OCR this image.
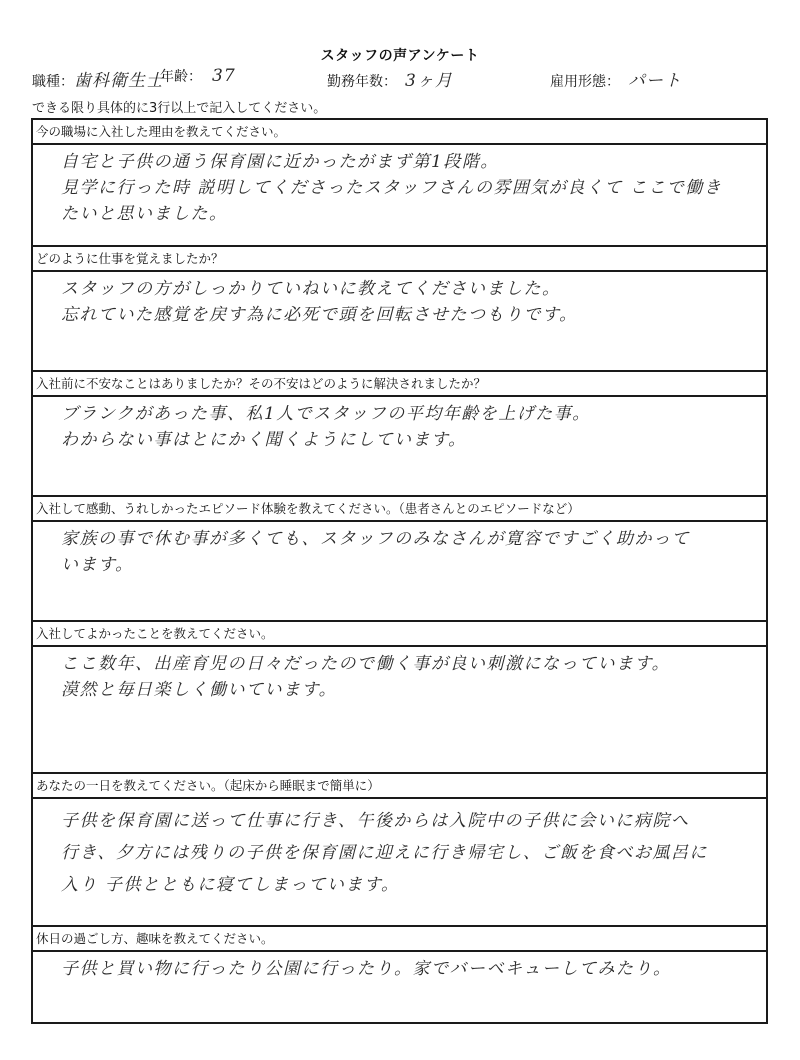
スタッフの声アンケート
職種：歯科衛生士
年齢： 37	勤務年数： 3ヶ月	雇用形態： パート
できる限り具体的に3行以上で記入してください。
今の職場に入社した理由を教えてください。
自宅と子供の通う保育園に近かったがまず第1段階。
見学に行った時 説明してくださったスタッフさんの雰囲気が良くて ここで働き
たいと思いました。
どのように仕事を覚えましたか？
スタッフの方がしっかりていねいに教えてくださいました。
忘れていた感覚を戻す為に必死で頭を回転させたつもりです。
入社前に不安なことはありましたか？その不安はどのように解決されましたか？
ブランクがあった事、私1人でスタッフの平均年齢を上げた事。
わからない事はとにかく聞くようにしています。
入社して感動、うれしかったエピソード体験を教えてください。（患者さんとのエピソードなど）
家族の事で休む事が多くても、スタッフのみなさんが寛容ですごく助かって
います。
入社してよかったことを教えてください。
ここ数年、出産育児の日々だったので働く事が良い刺激になっています。
漠然と毎日楽しく働いています。
あなたの一日を教えてください。（起床から睡眠まで簡単に）
子供を保育園に送って仕事に行き、午後からは入院中の子供に会いに病院へ
行き、夕方には残りの子供を保育園に迎えに行き帰宅し、ご飯を食べお風呂に
入り 子供とともに寝てしまっています。
休日の過ごし方、趣味を教えてください。
子供と買い物に行ったり公園に行ったり。家でバーベキューしてみたり。
